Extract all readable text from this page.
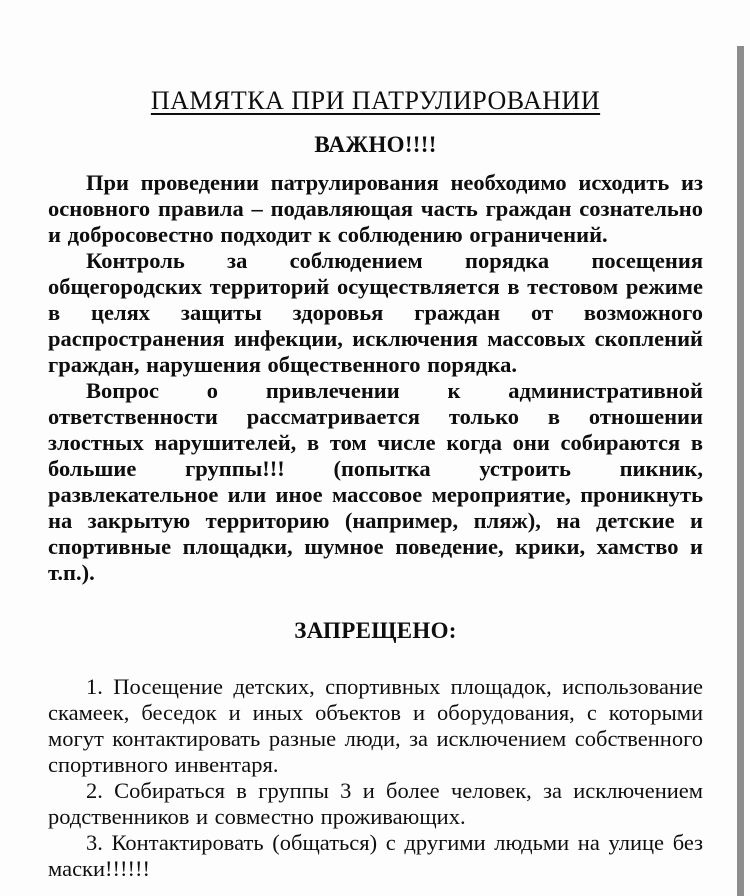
ПАМЯТКА ПРИ ПАТРУЛИРОВАНИИ
ВАЖНО!!!!

При проведении патрулирования необходимо исходить из основного правила – подавляющая часть граждан сознательно и добросовестно подходит к соблюдению ограничений.

Контроль за соблюдением порядка посещения общегородских территорий осуществляется в тестовом режиме в целях защиты здоровья граждан от возможного распространения инфекции, исключения массовых скоплений граждан, нарушения общественного порядка.

Вопрос о привлечении к административной ответственности рассматривается только в отношении злостных нарушителей, в том числе когда они собираются в большие группы!!! (попытка устроить пикник, развлекательное или иное массовое мероприятие, проникнуть на закрытую территорию (например, пляж), на детские и спортивные площадки, шумное поведение, крики, хамство и т.п.).

ЗАПРЕЩЕНО:

1. Посещение детских, спортивных площадок, использование скамеек, беседок и иных объектов и оборудования, с которыми могут контактировать разные люди, за исключением собственного спортивного инвентаря.

2. Собираться в группы 3 и более человек, за исключением родственников и совместно проживающих.

3. Контактировать (общаться) с другими людьми на улице без маски!!!!!!
